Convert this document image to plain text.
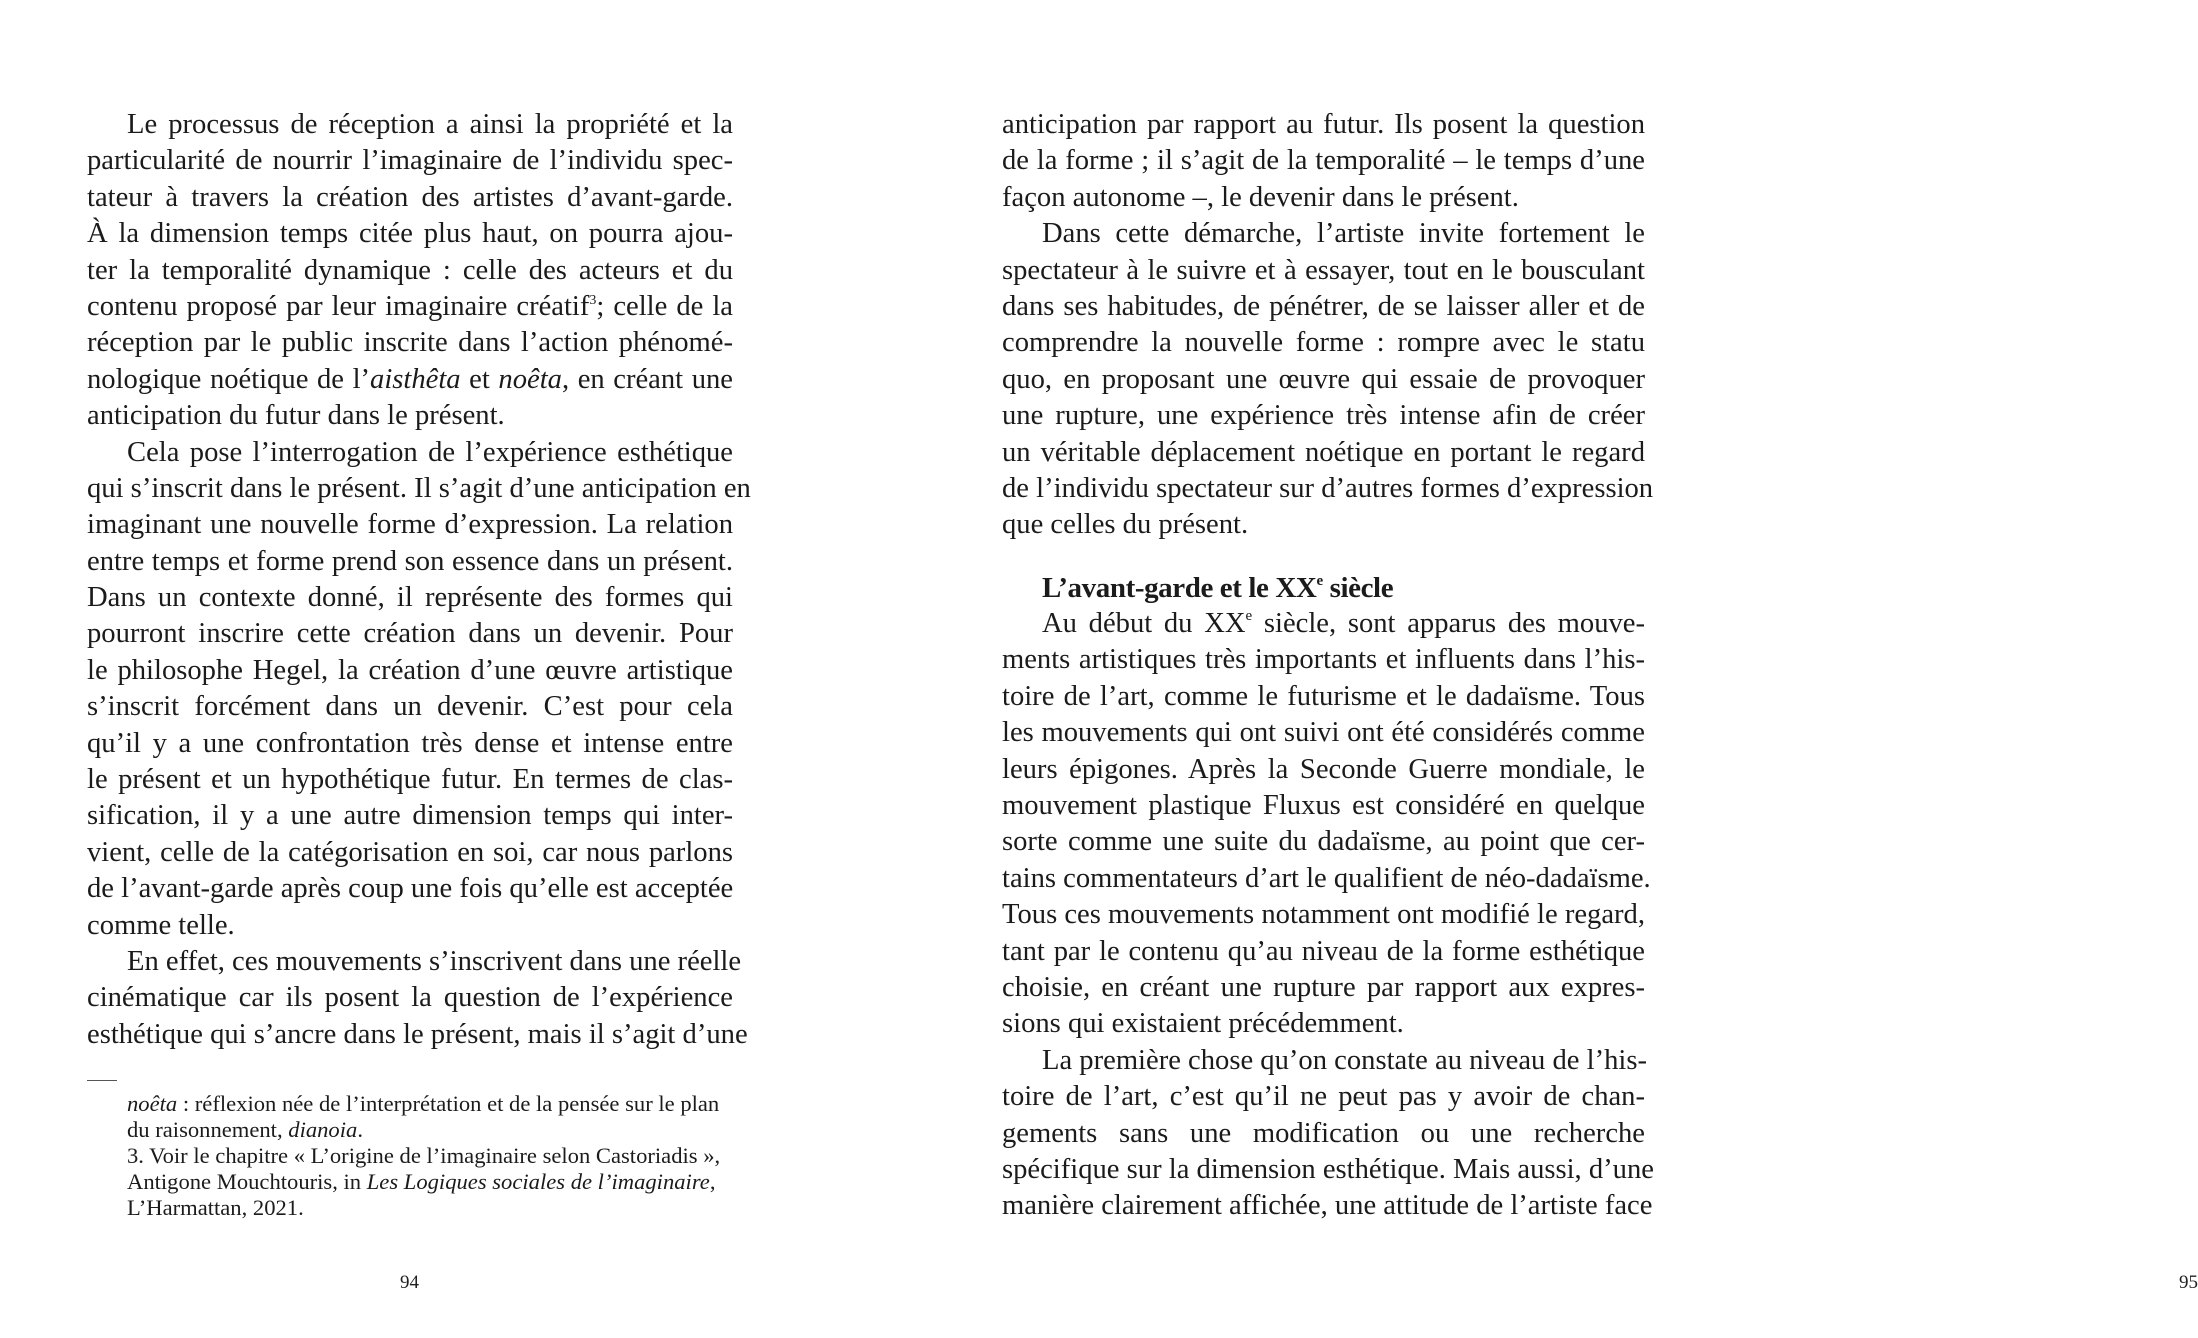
Le processus de réception a ainsi la propriété et la
particularité de nourrir l’imaginaire de l’individu spec-
tateur à travers la création des artistes d’avant-garde.
À la dimension temps citée plus haut, on pourra ajou-
ter la temporalité dynamique : celle des acteurs et du
contenu proposé par leur imaginaire créatif$^3$; celle de la
réception par le public inscrite dans l’action phénomé-
nologique noétique de l’aisthêta et noêta, en créant une
anticipation du futur dans le présent.
Cela pose l’interrogation de l’expérience esthétique
qui s’inscrit dans le présent. Il s’agit d’une anticipation en
imaginant une nouvelle forme d’expression. La relation
entre temps et forme prend son essence dans un présent.
Dans un contexte donné, il représente des formes qui
pourront inscrire cette création dans un devenir. Pour
le philosophe Hegel, la création d’une œuvre artistique
s’inscrit forcément dans un devenir. C’est pour cela
qu’il y a une confrontation très dense et intense entre
le présent et un hypothétique futur. En termes de clas-
sification, il y a une autre dimension temps qui inter-
vient, celle de la catégorisation en soi, car nous parlons
de l’avant-garde après coup une fois qu’elle est acceptée
comme telle.
En effet, ces mouvements s’inscrivent dans une réelle
cinématique car ils posent la question de l’expérience
esthétique qui s’ancre dans le présent, mais il s’agit d’une
noêta : réflexion née de l’interprétation et de la pensée sur le plan
du raisonnement, dianoia.
3. Voir le chapitre « L’origine de l’imaginaire selon Castoriadis »,
Antigone Mouchtouris, in Les Logiques sociales de l’imaginaire,
L’Harmattan, 2021.
94
anticipation par rapport au futur. Ils posent la question
de la forme ; il s’agit de la temporalité – le temps d’une
façon autonome –, le devenir dans le présent.
Dans cette démarche, l’artiste invite fortement le
spectateur à le suivre et à essayer, tout en le bousculant
dans ses habitudes, de pénétrer, de se laisser aller et de
comprendre la nouvelle forme : rompre avec le statu
quo, en proposant une œuvre qui essaie de provoquer
une rupture, une expérience très intense afin de créer
un véritable déplacement noétique en portant le regard
de l’individu spectateur sur d’autres formes d’expression
que celles du présent.
L’avant-garde et le XXe siècle
Au début du XXe siècle, sont apparus des mouve-
ments artistiques très importants et influents dans l’his-
toire de l’art, comme le futurisme et le dadaïsme. Tous
les mouvements qui ont suivi ont été considérés comme
leurs épigones. Après la Seconde Guerre mondiale, le
mouvement plastique Fluxus est considéré en quelque
sorte comme une suite du dadaïsme, au point que cer-
tains commentateurs d’art le qualifient de néo-dadaïsme.
Tous ces mouvements notamment ont modifié le regard,
tant par le contenu qu’au niveau de la forme esthétique
choisie, en créant une rupture par rapport aux expres-
sions qui existaient précédemment.
La première chose qu’on constate au niveau de l’his-
toire de l’art, c’est qu’il ne peut pas y avoir de chan-
gements sans une modification ou une recherche
spécifique sur la dimension esthétique. Mais aussi, d’une
manière clairement affichée, une attitude de l’artiste face
95
